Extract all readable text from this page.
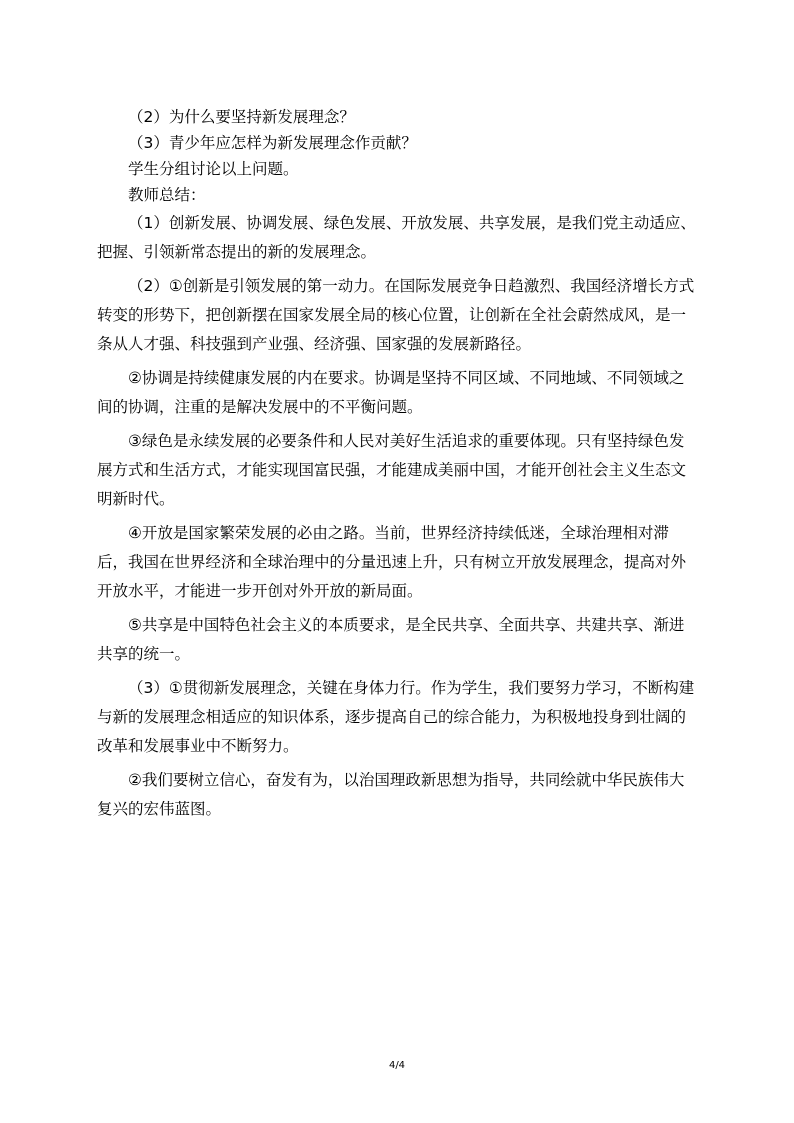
（2）为什么要坚持新发展理念？
（3）青少年应怎样为新发展理念作贡献？
学生分组讨论以上问题。
教师总结：

（1）创新发展、协调发展、绿色发展、开放发展、共享发展，是我们党主动适应、把握、引领新常态提出的新的发展理念。

（2）①创新是引领发展的第一动力。在国际发展竞争日趋激烈、我国经济增长方式转变的形势下，把创新摆在国家发展全局的核心位置，让创新在全社会蔚然成风，是一条从人才强、科技强到产业强、经济强、国家强的发展新路径。

②协调是持续健康发展的内在要求。协调是坚持不同区域、不同地域、不同领域之间的协调，注重的是解决发展中的不平衡问题。

③绿色是永续发展的必要条件和人民对美好生活追求的重要体现。只有坚持绿色发展方式和生活方式，才能实现国富民强，才能建成美丽中国，才能开创社会主义生态文明新时代。

④开放是国家繁荣发展的必由之路。当前，世界经济持续低迷，全球治理相对滞后，我国在世界经济和全球治理中的分量迅速上升，只有树立开放发展理念，提高对外开放水平，才能进一步开创对外开放的新局面。

⑤共享是中国特色社会主义的本质要求，是全民共享、全面共享、共建共享、渐进共享的统一。

（3）①贯彻新发展理念，关键在身体力行。作为学生，我们要努力学习，不断构建与新的发展理念相适应的知识体系，逐步提高自己的综合能力，为积极地投身到壮阔的改革和发展事业中不断努力。

②我们要树立信心，奋发有为，以治国理政新思想为指导，共同绘就中华民族伟大复兴的宏伟蓝图。

4/4
